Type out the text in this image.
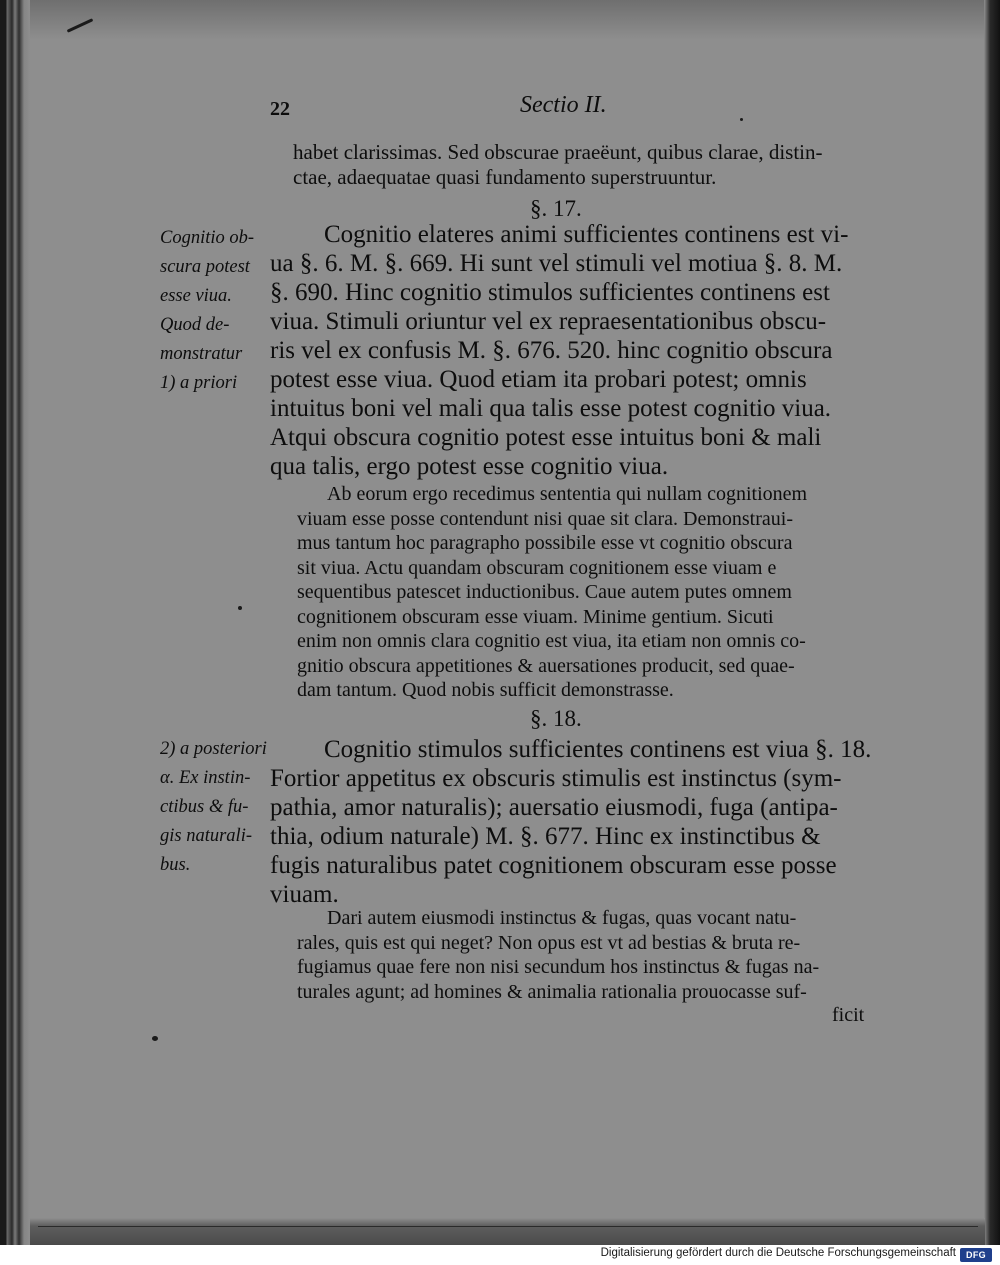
22	Sectio II.
habet clarissimas. Sed obscurae praeëunt, quibus clarae, distin-
ctae, adaequatae quasi fundamento superstruuntur.
§. 17.
Cognitio ob-
scura potest
esse viua.
Quod de-
monstratur
1) a priori
Cognitio elateres animi sufficientes continens est vi-
ua §. 6. M. §. 669. Hi sunt vel stimuli vel motiua §. 8. M.
§. 690. Hinc cognitio stimulos sufficientes continens est
viua. Stimuli oriuntur vel ex repraesentationibus obscu-
ris vel ex confusis M. §. 676. 520. hinc cognitio obscura
potest esse viua. Quod etiam ita probari potest; omnis
intuitus boni vel mali qua talis esse potest cognitio viua.
Atqui obscura cognitio potest esse intuitus boni & mali
qua talis, ergo potest esse cognitio viua.
Ab eorum ergo recedimus sententia qui nullam cognitionem
viuam esse posse contendunt nisi quae sit clara. Demonstraui-
mus tantum hoc paragrapho possibile esse vt cognitio obscura
sit viua. Actu quandam obscuram cognitionem esse viuam e
sequentibus patescet inductionibus. Caue autem putes omnem
cognitionem obscuram esse viuam. Minime gentium. Sicuti
enim non omnis clara cognitio est viua, ita etiam non omnis co-
gnitio obscura appetitiones & auersationes producit, sed quae-
dam tantum. Quod nobis sufficit demonstrasse.
§. 18.
2) a posteriori
α. Ex instin-
ctibus & fu-
gis naturali-
bus.
Cognitio stimulos sufficientes continens est viua §. 18.
Fortior appetitus ex obscuris stimulis est instinctus (sym-
pathia, amor naturalis); auersatio eiusmodi, fuga (antipa-
thia, odium naturale) M. §. 677. Hinc ex instinctibus &
fugis naturalibus patet cognitionem obscuram esse posse
viuam.
Dari autem eiusmodi instinctus & fugas, quas vocant natu-
rales, quis est qui neget? Non opus est vt ad bestias & bruta re-
fugiamus quae fere non nisi secundum hos instinctus & fugas na-
turales agunt; ad homines & animalia rationalia prouocasse suf-
ficit
Digitalisierung gefördert durch die Deutsche Forschungsgemeinschaft	DFG
